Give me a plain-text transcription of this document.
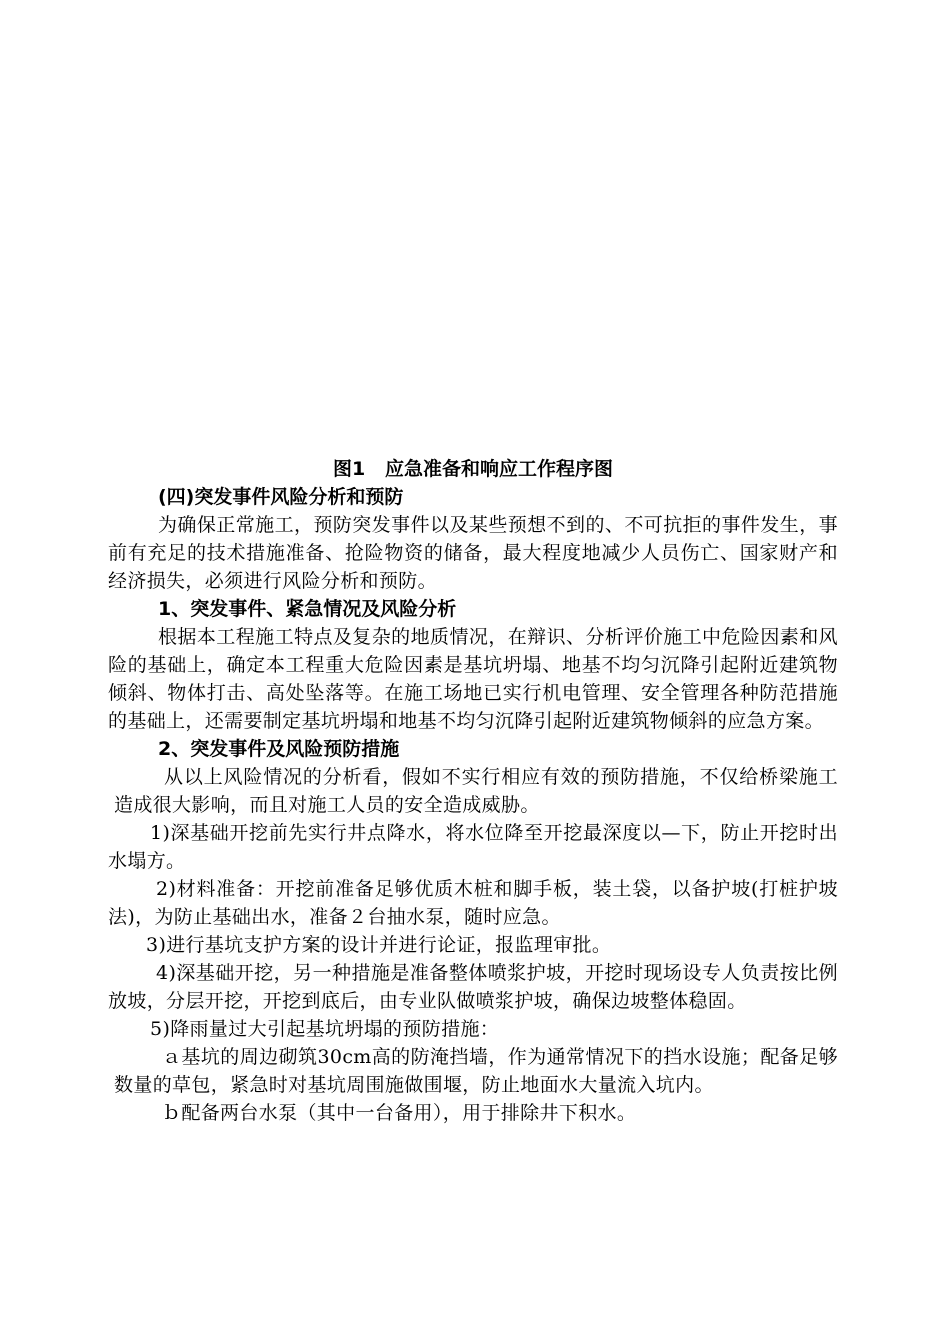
图1   应急准备和响应工作程序图

(四)突发事件风险分析和预防

为确保正常施工，预防突发事件以及某些预想不到的、不可抗拒的事件发生，事前有充足的技术措施准备、抢险物资的储备，最大程度地减少人员伤亡、国家财产和经济损失，必须进行风险分析和预防。

1、突发事件、紧急情况及风险分析

根据本工程施工特点及复杂的地质情况，在辩识、分析评价施工中危险因素和风险的基础上，确定本工程重大危险因素是基坑坍塌、地基不均匀沉降引起附近建筑物倾斜、物体打击、高处坠落等。在施工场地已实行机电管理、安全管理各种防范措施的基础上，还需要制定基坑坍塌和地基不均匀沉降引起附近建筑物倾斜的应急方案。

2、突发事件及风险预防措施

从以上风险情况的分析看，假如不实行相应有效的预防措施，不仅给桥梁施工造成很大影响，而且对施工人员的安全造成威胁。

1)深基础开挖前先实行井点降水，将水位降至开挖最深度以—下，防止开挖时出水塌方。

2)材料准备：开挖前准备足够优质木桩和脚手板，装土袋，以备护坡(打桩护坡法)，为防止基础出水，准备２台抽水泵，随时应急。

3)进行基坑支护方案的设计并进行论证，报监理审批。

4)深基础开挖，另一种措施是准备整体喷浆护坡，开挖时现场设专人负责按比例放坡，分层开挖，开挖到底后，由专业队做喷浆护坡，确保边坡整体稳固。

5)降雨量过大引起基坑坍塌的预防措施：

ａ基坑的周边砌筑30cm高的防淹挡墙，作为通常情况下的挡水设施；配备足够数量的草包，紧急时对基坑周围施做围堰，防止地面水大量流入坑内。

ｂ配备两台水泵（其中一台备用），用于排除井下积水。
